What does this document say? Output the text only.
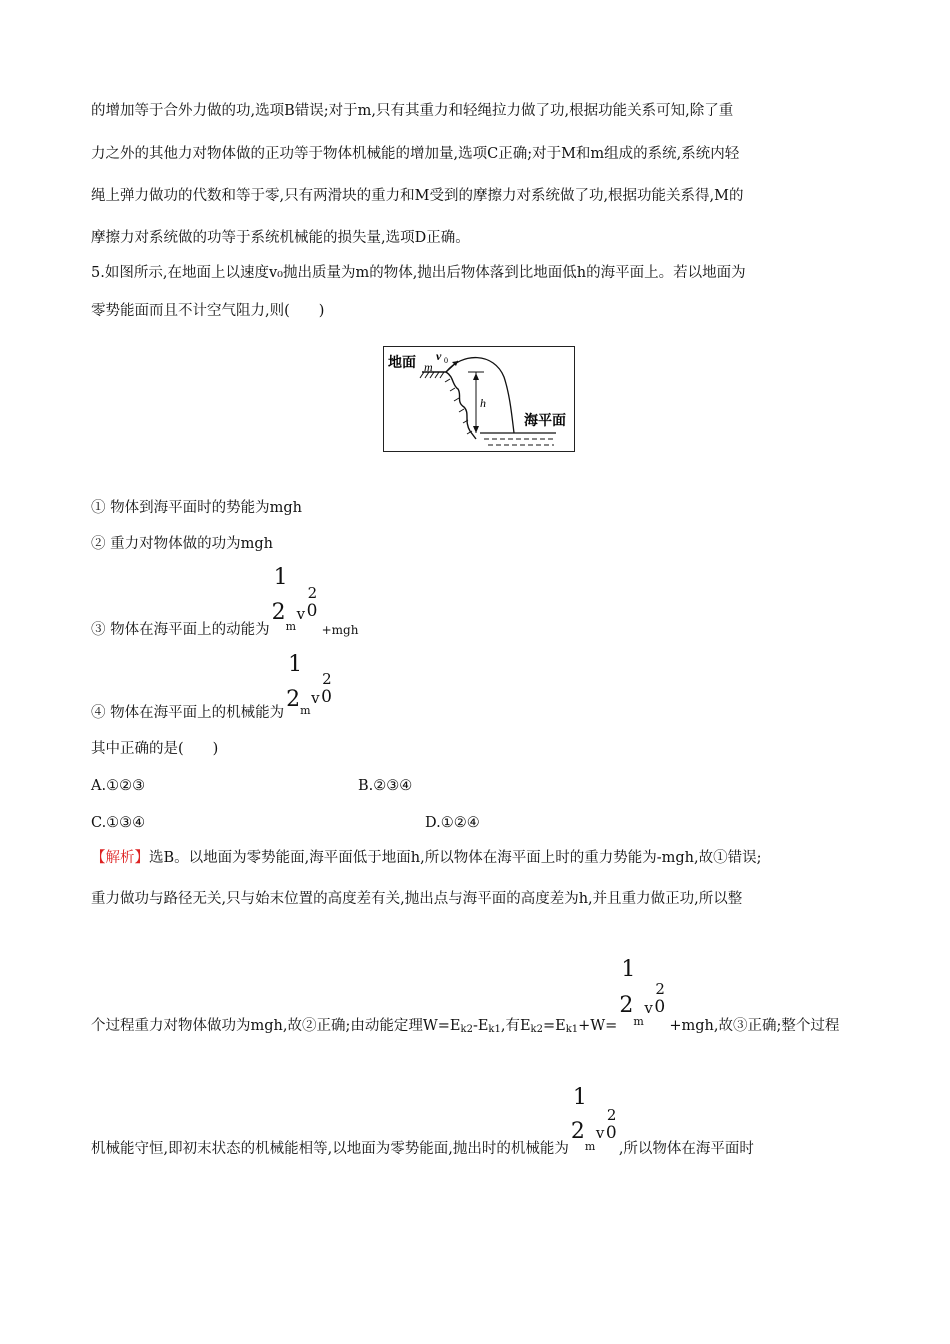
的增加等于合外力做的功,选项B错误;对于m,只有其重力和轻绳拉力做了功,根据功能关系可知,除了重
力之外的其他力对物体做的正功等于物体机械能的增加量,选项C正确;对于M和m组成的系统,系统内轻
绳上弹力做功的代数和等于零,只有两滑块的重力和M受到的摩擦力对系统做了功,根据功能关系得,M的
摩擦力对系统做的功等于系统机械能的损失量,选项D正确。
5.如图所示,在地面上以速度v₀抛出质量为m的物体,抛出后物体落到比地面低h的海平面上。若以地面为
零势能面而且不计空气阻力,则(　　)
地面 m
v 0
h
海平面
① 物体到海平面时的势能为mgh
② 重力对物体做的功为mgh
③ 物体在海平面上的动能为
1
2
m
v
2
0
+mgh
④ 物体在海平面上的机械能为
1
2 m
v
2
0
其中正确的是(　　)
A.①②③	B.②③④
C.①③④	D.①②④
【解析】选B。以地面为零势能面,海平面低于地面h,所以物体在海平面上时的重力势能为-mgh,故①错误;
重力做功与路径无关,只与始末位置的高度差有关,抛出点与海平面的高度差为h,并且重力做正功,所以整
个过程重力对物体做功为mgh,故②正确;由动能定理W=Ek2-Ek1,有Ek2=Ek1+W=
1
2
m
v
2
0
+mgh,故③正确;整个过程
机械能守恒,即初末状态的机械能相等,以地面为零势能面,抛出时的机械能为
1
2
m
v
2
0
,所以物体在海平面时
